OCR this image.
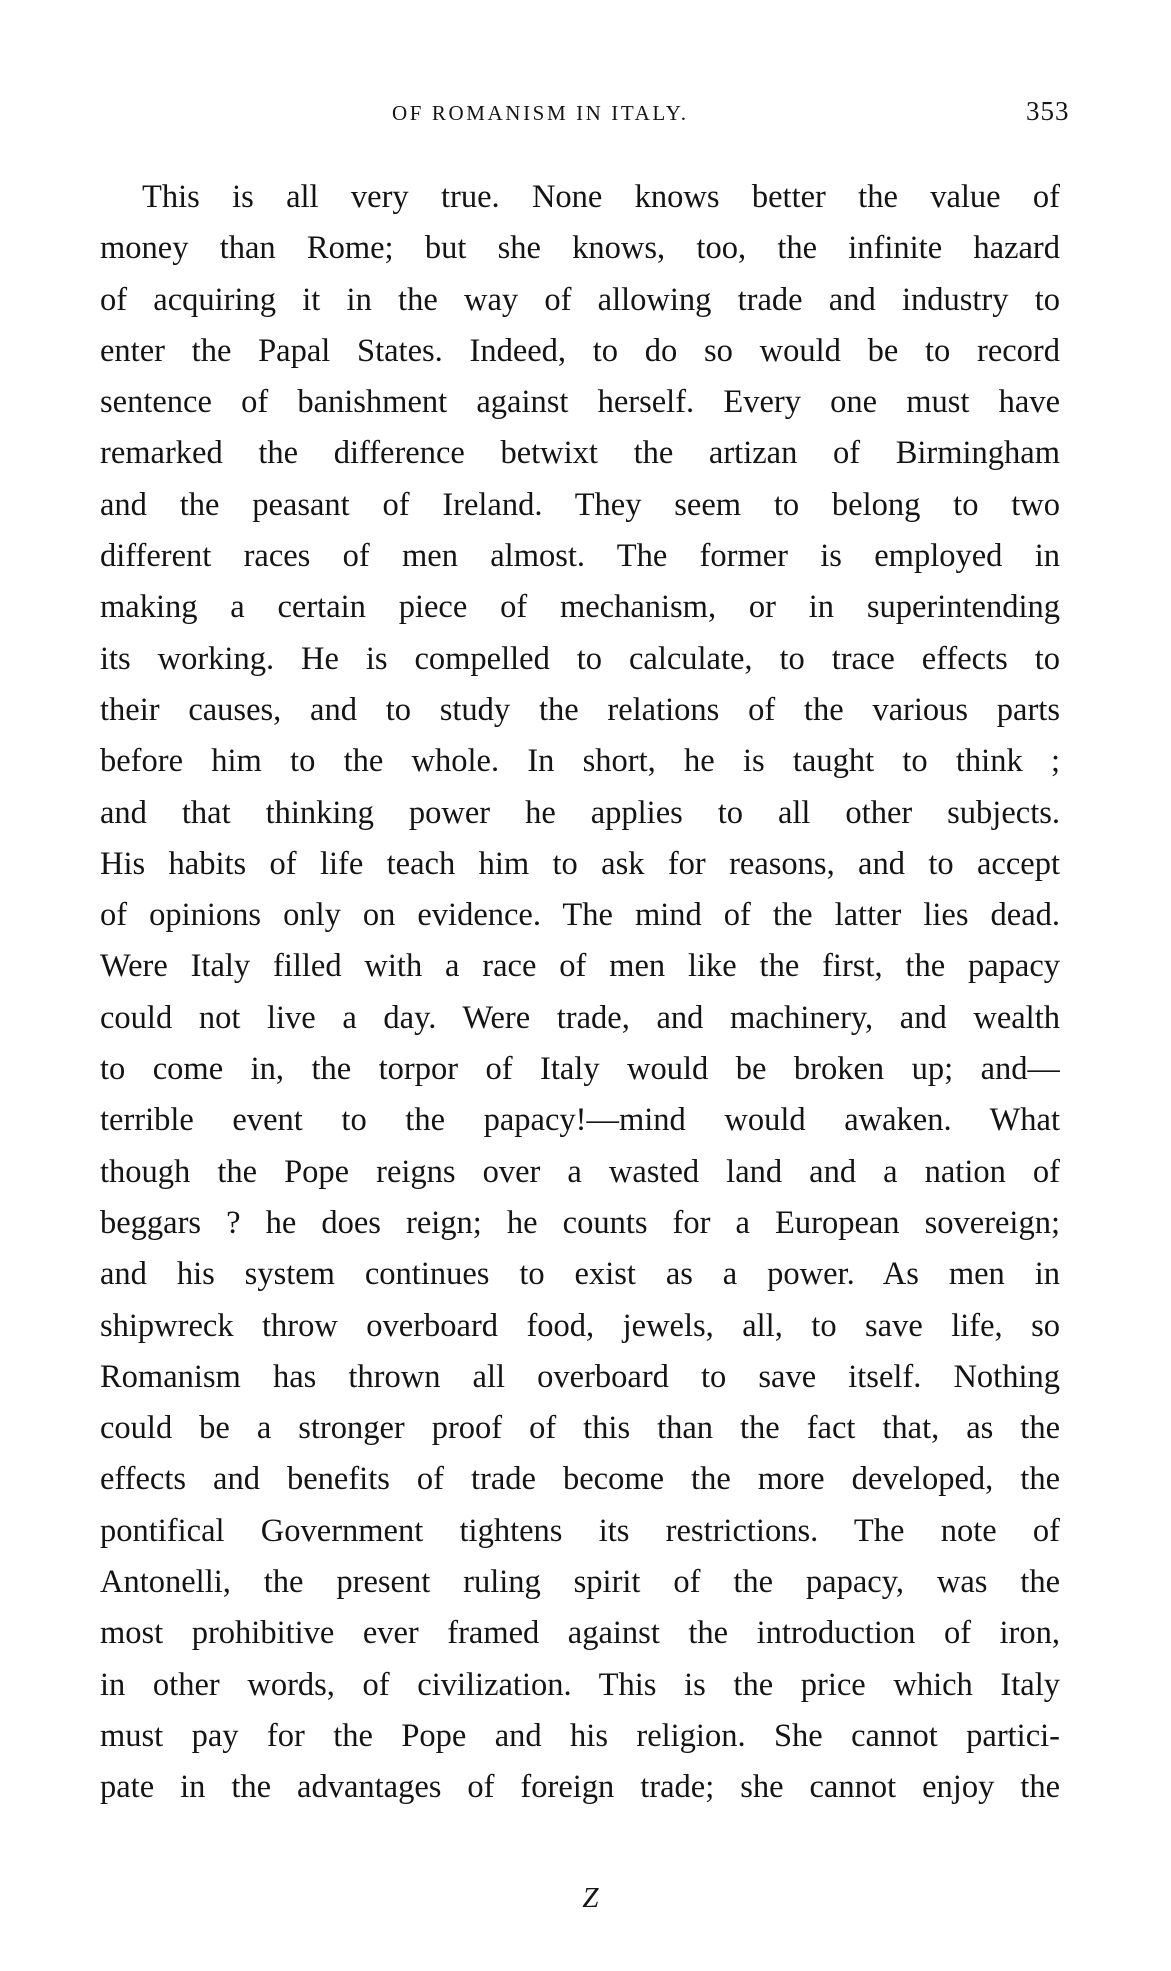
OF ROMANISM IN ITALY.	353
This is all very true. None knows better the value of
money than Rome; but she knows, too, the infinite hazard
of acquiring it in the way of allowing trade and industry to
enter the Papal States. Indeed, to do so would be to record
sentence of banishment against herself. Every one must have
remarked the difference betwixt the artizan of Birmingham
and the peasant of Ireland. They seem to belong to two
different races of men almost. The former is employed in
making a certain piece of mechanism, or in superintending
its working. He is compelled to calculate, to trace effects to
their causes, and to study the relations of the various parts
before him to the whole. In short, he is taught to think ;
and that thinking power he applies to all other subjects.
His habits of life teach him to ask for reasons, and to accept
of opinions only on evidence. The mind of the latter lies dead.
Were Italy filled with a race of men like the first, the papacy
could not live a day. Were trade, and machinery, and wealth
to come in, the torpor of Italy would be broken up; and—
terrible event to the papacy!—mind would awaken. What
though the Pope reigns over a wasted land and a nation of
beggars ? he does reign; he counts for a European sovereign;
and his system continues to exist as a power. As men in
shipwreck throw overboard food, jewels, all, to save life, so
Romanism has thrown all overboard to save itself. Nothing
could be a stronger proof of this than the fact that, as the
effects and benefits of trade become the more developed, the
pontifical Government tightens its restrictions. The note of
Antonelli, the present ruling spirit of the papacy, was the
most prohibitive ever framed against the introduction of iron,
in other words, of civilization. This is the price which Italy
must pay for the Pope and his religion. She cannot partici-
pate in the advantages of foreign trade; she cannot enjoy the
Z
